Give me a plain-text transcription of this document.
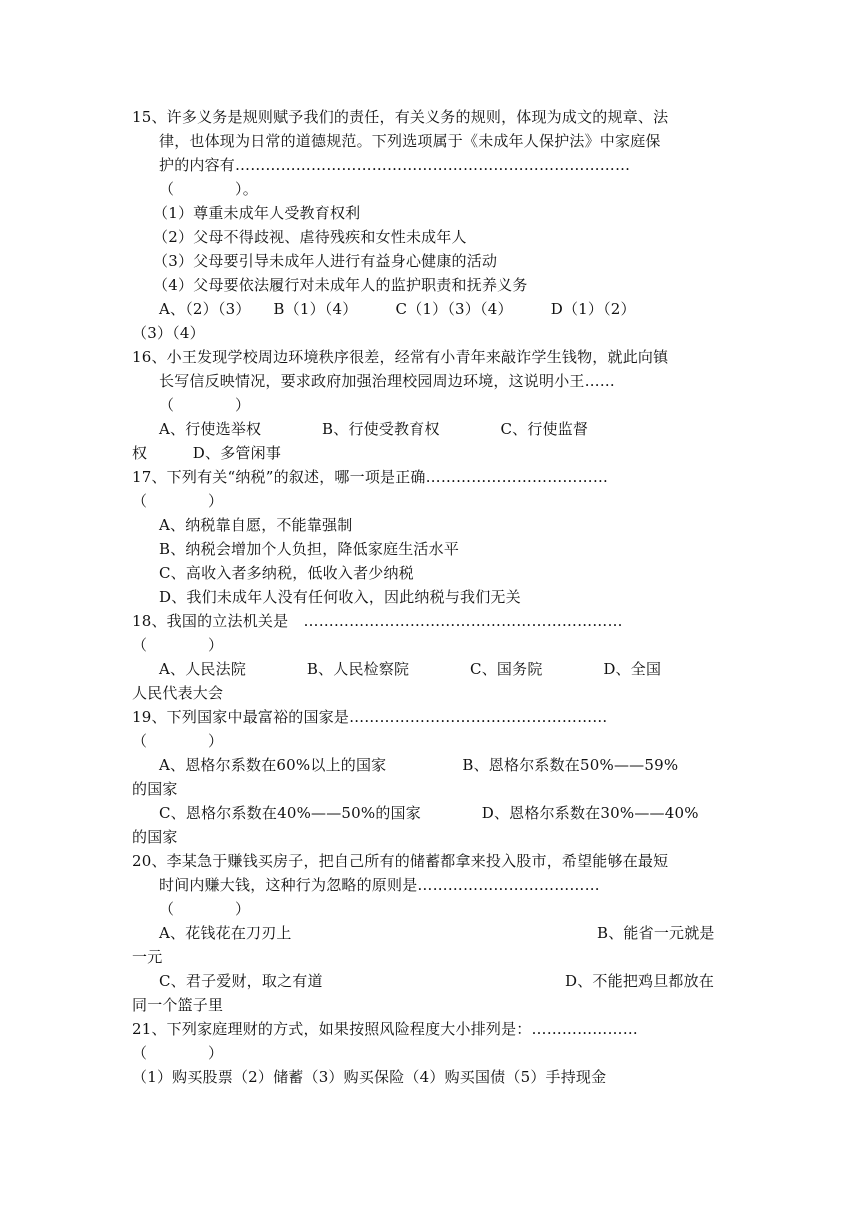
15、许多义务是规则赋予我们的责任，有关义务的规则，体现为成文的规章、法

律，也体现为日常的道德规范。下列选项属于《未成年人保护法》中家庭保

护的内容有……………………………………………………………………

（　　　　）。

（1）尊重未成年人受教育权利

（2）父母不得歧视、虐待残疾和女性未成年人

（3）父母要引导未成年人进行有益身心健康的活动

（4）父母要依法履行对未成年人的监护职责和抚养义务

A、（2）（3）　　B（1）（4）　　　C（1）（3）（4）　　　D（1）（2）

（3）（4）

16、小王发现学校周边环境秩序很差，经常有小青年来敲诈学生钱物，就此向镇

长写信反映情况，要求政府加强治理校园周边环境，这说明小王……

（　　　　）

A、行使选举权　　　　B、行使受教育权　　　　C、行使监督

权　　　D、多管闲事

17、下列有关“纳税”的叙述，哪一项是正确………………………………

（　　　　）

A、纳税靠自愿，不能靠强制

B、纳税会增加个人负担，降低家庭生活水平

C、高收入者多纳税，低收入者少纳税

D、我们未成年人没有任何收入，因此纳税与我们无关

18、我国的立法机关是　………………………………………………………

（　　　　）

A、人民法院　　　　B、人民检察院　　　　C、国务院　　　　D、全国

人民代表大会

19、下列国家中最富裕的国家是……………………………………………

（　　　　）

A、恩格尔系数在60%以上的国家　　　　　B、恩格尔系数在50%——59%

的国家

C、恩格尔系数在40%——50%的国家　　　　D、恩格尔系数在30%——40%

的国家

20、李某急于赚钱买房子，把自己所有的储蓄都拿来投入股市，希望能够在最短

时间内赚大钱，这种行为忽略的原则是………………………………

（　　　　）

A、花钱花在刀刃上	B、能省一元就是

一元

C、君子爱财，取之有道	D、不能把鸡旦都放在

同一个篮子里

21、下列家庭理财的方式，如果按照风险程度大小排列是：…………………

（　　　　）

（1）购买股票（2）储蓄（3）购买保险（4）购买国债（5）手持现金
